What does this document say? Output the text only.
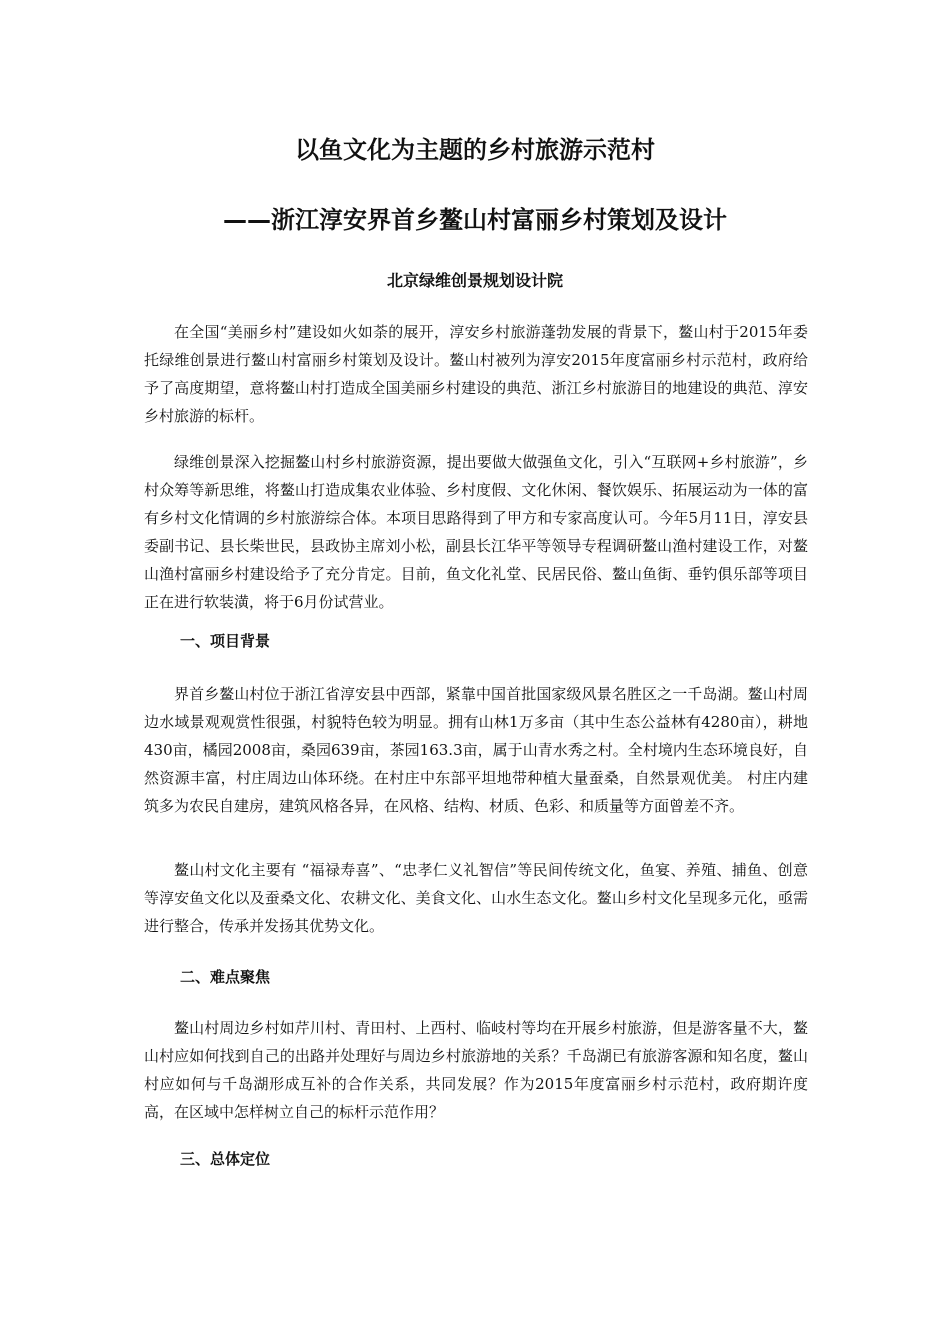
以鱼文化为主题的乡村旅游示范村
——浙江淳安界首乡鳌山村富丽乡村策划及设计

北京绿维创景规划设计院

在全国“美丽乡村”建设如火如荼的展开，淳安乡村旅游蓬勃发展的背景下，鳌山村于2015年委托绿维创景进行鳌山村富丽乡村策划及设计。鳌山村被列为淳安2015年度富丽乡村示范村，政府给予了高度期望，意将鳌山村打造成全国美丽乡村建设的典范、浙江乡村旅游目的地建设的典范、淳安乡村旅游的标杆。

绿维创景深入挖掘鳌山村乡村旅游资源，提出要做大做强鱼文化，引入“互联网+乡村旅游”，乡村众筹等新思维，将鳌山打造成集农业体验、乡村度假、文化休闲、餐饮娱乐、拓展运动为一体的富有乡村文化情调的乡村旅游综合体。本项目思路得到了甲方和专家高度认可。今年5月11日，淳安县委副书记、县长柴世民，县政协主席刘小松，副县长江华平等领导专程调研鳌山渔村建设工作，对鳌山渔村富丽乡村建设给予了充分肯定。目前，鱼文化礼堂、民居民俗、鳌山鱼街、垂钓俱乐部等项目正在进行软装潢，将于6月份试营业。

一、项目背景

界首乡鳌山村位于浙江省淳安县中西部，紧靠中国首批国家级风景名胜区之一千岛湖。鳌山村周边水域景观观赏性很强，村貌特色较为明显。拥有山林1万多亩（其中生态公益林有4280亩），耕地430亩，橘园2008亩，桑园639亩，茶园163.3亩，属于山青水秀之村。全村境内生态环境良好，自然资源丰富，村庄周边山体环绕。在村庄中东部平坦地带种植大量蚕桑，自然景观优美。 村庄内建筑多为农民自建房，建筑风格各异，在风格、结构、材质、色彩、和质量等方面曾差不齐。

鳌山村文化主要有 “福禄寿喜”、“忠孝仁义礼智信”等民间传统文化，鱼宴、养殖、捕鱼、创意等淳安鱼文化以及蚕桑文化、农耕文化、美食文化、山水生态文化。鳌山乡村文化呈现多元化，亟需进行整合，传承并发扬其优势文化。

二、难点聚焦

鳌山村周边乡村如芹川村、青田村、上西村、临岐村等均在开展乡村旅游，但是游客量不大，鳌山村应如何找到自己的出路并处理好与周边乡村旅游地的关系？千岛湖已有旅游客源和知名度，鳌山村应如何与千岛湖形成互补的合作关系，共同发展？作为2015年度富丽乡村示范村，政府期许度高，在区域中怎样树立自己的标杆示范作用？

三、总体定位
